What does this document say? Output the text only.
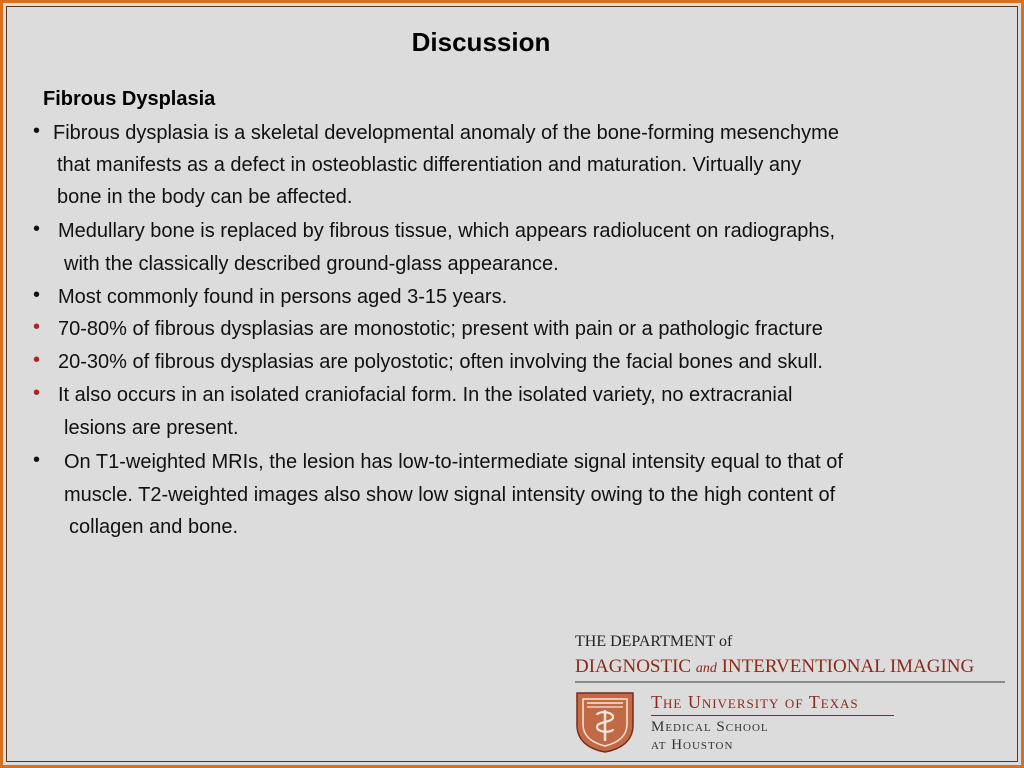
Discussion
Fibrous Dysplasia
• Fibrous dysplasia is a skeletal developmental anomaly of the bone-forming mesenchyme
that manifests as a defect in osteoblastic differentiation and maturation. Virtually any
bone in the body can be affected.
• Medullary bone is replaced by fibrous tissue, which appears radiolucent on radiographs,
with the classically described ground-glass appearance.
• Most commonly found in persons aged 3-15 years.
• 70-80% of fibrous dysplasias are monostotic; present with pain or a pathologic fracture
• 20-30% of fibrous dysplasias are polyostotic; often involving the facial bones and skull.
• It also occurs in an isolated craniofacial form. In the isolated variety, no extracranial
lesions are present.
• On T1-weighted MRIs, the lesion has low-to-intermediate signal intensity equal to that of
muscle. T2-weighted images also show low signal intensity owing to the high content of
collagen and bone.
THE DEPARTMENT of
DIAGNOSTIC and INTERVENTIONAL IMAGING
The University of Texas
Medical School
at Houston
